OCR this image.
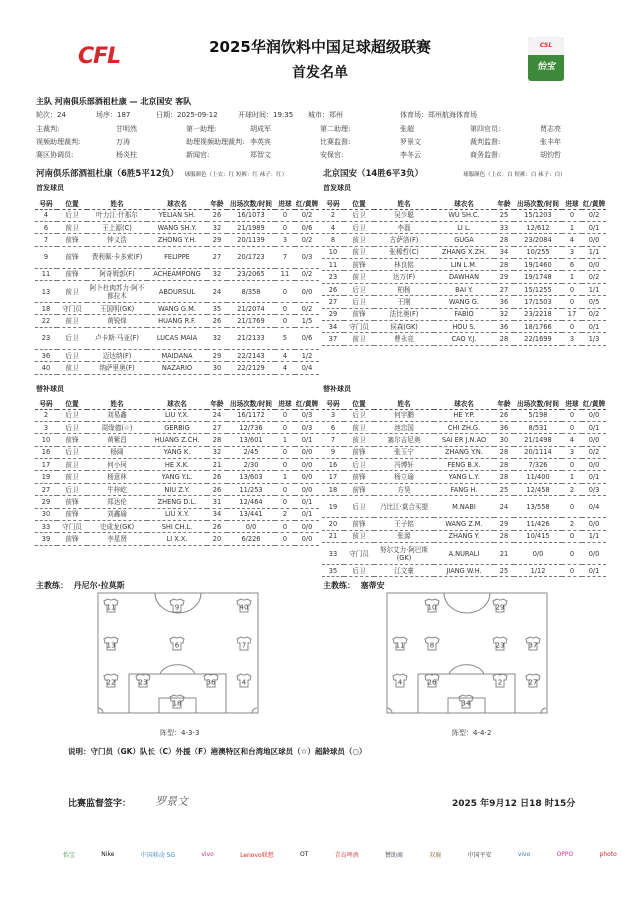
CFL	2025华润饮料中国足球超级联赛
首发名单
CSL
怡宝
主队 河南俱乐部酒祖杜康 — 北京国安 客队
轮次：24	场序：187	日期：2025-09-12	开球时间：19:35 城市：郑州	体育场：郑州航海体育场
主裁判:	甘明然	第一助理:	胡成军	第二助理:	张超	第四官员:	贾志亮
视频助理裁判:	万涛	助理视频助理裁判: 李英宾	比赛监督:	罗景文	裁判监督:	张丰年
赛区协调员:	杨炎柱	新闻官:	郑智文	安保官:	李冬云	商务监督:	胡钧哲
河南俱乐部酒祖杜康（6胜5平12负） 球服颜色（上衣：红 短裤：红 袜子：红）	北京国安（14胜6平3负）	球服颜色（上衣：白 短裤：白 袜子：白）
首发球员	首发球员
号码	位置	姓名	球衣名	年龄	出场次数/时间	进球	红/黄牌
4	后卫	叶力江·什那尔	YELIAN SH.	26	16/1073	0	0/2
6	前卫	王上源(C)	WANG SH.Y.	32	21/1989	0	0/6
7	前锋	钟义浩	ZHONG Y.H.	29	20/1139	3	0/2
9	前锋	费利佩·卡多索(F)	FELIPPE	27	20/1723	7	0/3
11	前锋	阿奇姆彭(F)	ACHEAMPONG	32	23/2065	11	0/2
13	前卫	阿卜杜肉苏力·阿不都拉木	ABDURSUL	24	8/358	0	0/0
18	守门员	王国明(GK)	WANG G.M.	35	21/2074	0	0/2
22	前卫	黄锐烽	HUANG R.F.	26	21/1769	0	1/5
23	后卫	卢卡斯·马亚(F)	LUCAS MAIA	32	21/2133	5	0/6
36	后卫	迈达纳(F)	MAIDANA	29	22/2143	4	1/2
40	前卫	纳萨里奥(F)	NAZARIO	30	22/2129	4	0/4
号码	位置	姓名	球衣名	年龄	出场次数/时间	进球	红/黄牌
2	后卫	吴少聪	WU SH.C.	25	15/1203	0	0/2
4	后卫	李磊	LI L.	33	12/612	1	0/1
8	前卫	古萨洛(F)	GUGA	28	23/2084	4	0/0
10	前卫	张稀哲(C)	ZHANG X.ZH.	34	10/255	3	1/1
11	前锋	林良铭	LIN L.M.	28	19/1460	6	0/0
23	前卫	达万(F)	DAWHAN	29	19/1748	1	0/2
26	后卫	柏杨	BAI Y.	27	15/1255	0	1/1
27	后卫	王刚	WANG G.	36	17/1503	0	0/5
29	前锋	法比奥(F)	FABIO	32	23/2218	17	0/2
34	守门员	侯森(GK)	HOU S.	36	18/1766	0	0/1
37	前卫	曹永竞	CAO Y.J.	28	22/1699	3	1/3
替补球员	替补球员
号码	位置	姓名	球衣名	年龄	出场次数/时间	进球	红/黄牌
2	后卫	刘易鑫	LIU Y.X.	24	16/1172	0	0/3
3	后卫	周缘德(☆)	GERBIG	27	12/736	0	0/3
10	前锋	黄紫昌	HUANG Z.CH.	28	13/601	1	0/1
16	后卫	杨阔	YANG K.	32	2/45	0	0/0
17	前卫	何小珂	HE X.K.	21	2/30	0	0/0
19	前卫	杨意林	YANG Y.L.	26	13/603	1	0/0
27	后卫	牛梓屹	NIU Z.Y.	26	11/253	0	0/0
29	前锋	郑达伦	ZHENG D.L.	31	12/464	0	0/1
30	前锋	刘鑫瑜	LIU X.Y.	34	13/441	2	0/1
33	守门员	史成龙(GK)	SHI CH.L.	26	0/0	0	0/0
39	前锋	李星贤	LI X.X.	20	6/226	0	0/0
号码	位置	姓名	球衣名	年龄	出场次数/时间	进球	红/黄牌
3	后卫	何宇鹏	HE Y.P.	26	5/198	0	0/0
6	前卫	池忠国	CHI ZH.G.	36	8/531	0	0/1
7	前卫	塞尔吉尼奥	SAI ER J.N.AO	30	21/1498	4	0/0
9	前锋	张玉宁	ZHANG Y.N.	28	20/1114	3	0/2
16	后卫	冯博轩	FENG B.X.	28	7/326	0	0/0
17	前锋	杨立瑜	YANG L.Y.	28	11/400	1	0/1
18	前锋	方昊	FANG H.	25	12/458	2	0/3
19	后卫	乃比江·莫合买提	M.NABI	24	13/558	0	0/4
20	前锋	王子铭	WANG Z.M.	29	11/426	2	0/0
21	前卫	张源	ZHANG Y.	28	10/415	0	1/1
33	守门员	努尔艾力·阿巴斯(GK)	A.NURALI	21	0/0	0	0/0
35	后卫	江文豪	JIANG W.H.	25	1/12	0	0/1
主教练： 丹尼尔·拉莫斯	主教练： 塞蒂安
11	9	40
13	6	7
22	23	36	4
18
10	29
11	8	23	37
4	26	2	27
34
阵型：4-3-3	阵型：4-4-2
说明：守门员（GK）队长（C）外援（F）港澳特区和台湾地区球员（☆）超龄球员（○）
比赛监督签字： 罗景文	2025 年9月12 日18 时15分
怡宝	Nike	中国移动 5G	vivo	Lenovo联想	OT	青岛啤酒	赞助商	双鹿	中国平安	vivo	OPPO	photo
